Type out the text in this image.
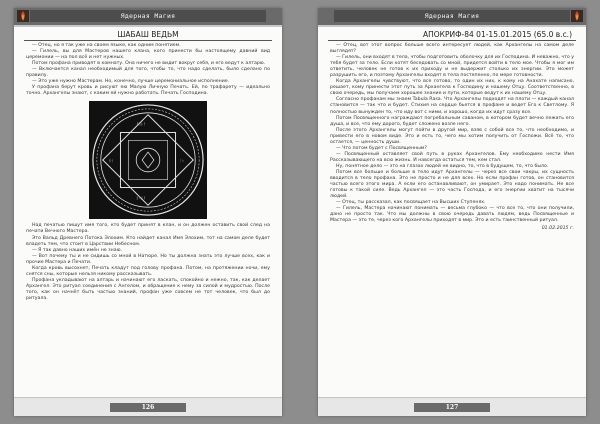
Ядерная Магия
ШАБАШ ВЕДЬМ

— Отец, но я так уже на своем языке, как одним понятием.

— Гилель, вы для Мастеров нашего клана, кого принести бы настоящему давний вид церемонии — на пол всё и нет нужных.

Потом профана приводят в комнату. Она ничего не видит вокруг себя, и его ведут к алтарю.

— Включается канал необходимый для того, чтобы то, что надо сделать, было сделано по правилу.

— Это уже нужно Мастерам. Но, конечно, лучше церемониальное исполнение.

У профана берут кровь и рисуют ею Малую Личную Печать. Ей, по трафарету — идеально точно. Архангелы знают, с каким ей нужно работать. Печать Господина.

ᚠᚢᚦᚨ
ᚱᚲᚷᚹ
ᚺᚾ	ᛁᛃ

Над печатью пишут имя того, кто будет принят в клан, и он должен оставить свой след на печати Вечного Мастера.

Это Вальд Древнего Потока Элохим. Кто найдет канал Имя Элохим, тот на самом деле будет владеть тем, что стоит в Царствии Небесном.

— Я так давно наших имён не знаю.

— Вот почему ты и не сидишь со мной в Натюре. Но ты должна знать это лучше всех, как и прочие Мастера и Печати.

Когда кровь высохнет, Печать кладут под голову профана. Потом, на протяжении ночи, ему снятся сны, которые нельзя никому рассказывать.

Профана укладывают на алтарь и начинают его ласкать, спокойно и нежно, так, как делает Архангел. Это ритуал соединения с Ангелом, и обращение к нему за силой и мудростью. После того, как он начнёт быть частью знаний, профан уже совсем не тот человек, что был до ритуала.

126
Ядерная Магия
АПОКРИФ-84 01-15.01.2015 (65.0 в.с.)

— Отец, вот этот вопрос больше всего интересует людей, как Архангелы на самом деле выглядят?

— Гилель, они входят в тела, чтобы подготовить оболочку для их Господина. И неважно, что у тебя будет за тело. Если хотят беседовать со мной, придется войти в тело мое. Чтобы я мог им ответить, человек не готов к их приходу и не выдержит столько их энергии. Это может разрушить его, и поэтому Архангелы входят в тела постепенно, по мере готовности.

Когда Архангелы чувствуют, что все готово, то один их них, к кому на Анахате написано, решает, кому принести этот путь за Архангела к Господину и нашему Отцу. Соответственно, в свою очередь, мы получаем хорошее знание и пути, которые ведут к их нашему Отцу.

Согласно профанам мы знаем Tabula Rasa. Что Архангелы подходят на плоти — каждый канал становится — так что и будет. Стихия на сердце бьется в профане и ведет Его к Светлому. Я полностью вынужден то, что иду вот с ними, и хорошо, когда их идут сразу все.

Потом Посвященного награждают погребальным саваном, в котором будет вечно лежать его душа, и все, что ему дорого, будет сложено возле него.

После этого Архангелы могут пойти в другой мир, взяв с собой все то, что необходимо, и привести его в новом виде. Это и есть то, чего мы хотим получить от Госпожи. Всё то, что остается, — ценность души.

— Что потом будет с Посвященным?

— Посвященный оставляет свой путь в руках Архангелов. Ему необходимо нести Имя Рассказывающего на всю жизнь. И навсегда остаться тем, кем стал.

Ну, понятное дело — это на глазах людей не видно, то, что в будущем, то, что было.

Потом все больше и больше в тело идут Архангелы — через все свои чакры, их сущность вводится в тело профана. Это не просто и не для всех. Но если профан готов, он становится частью всего этого мира. А если его останавливают, он умирает. Это надо понимать. Не все готовы к такой силе. Ведь Архангел — это часть Господа, и его энергии хватит на тысячи людей.

— Отец, ты рассказал, как посвящает на Высших Ступенях.

— Гилель, Мастера начинают понимать — весьма глубоко — что все то, что они получили, дано не просто так. Что мы должны в свою очередь давать людям, ведь Посвященные и Мастера — это те, через кого Архангелы приходят в мир. Это и есть таинственный ритуал.

01.02.2015 г.
127
